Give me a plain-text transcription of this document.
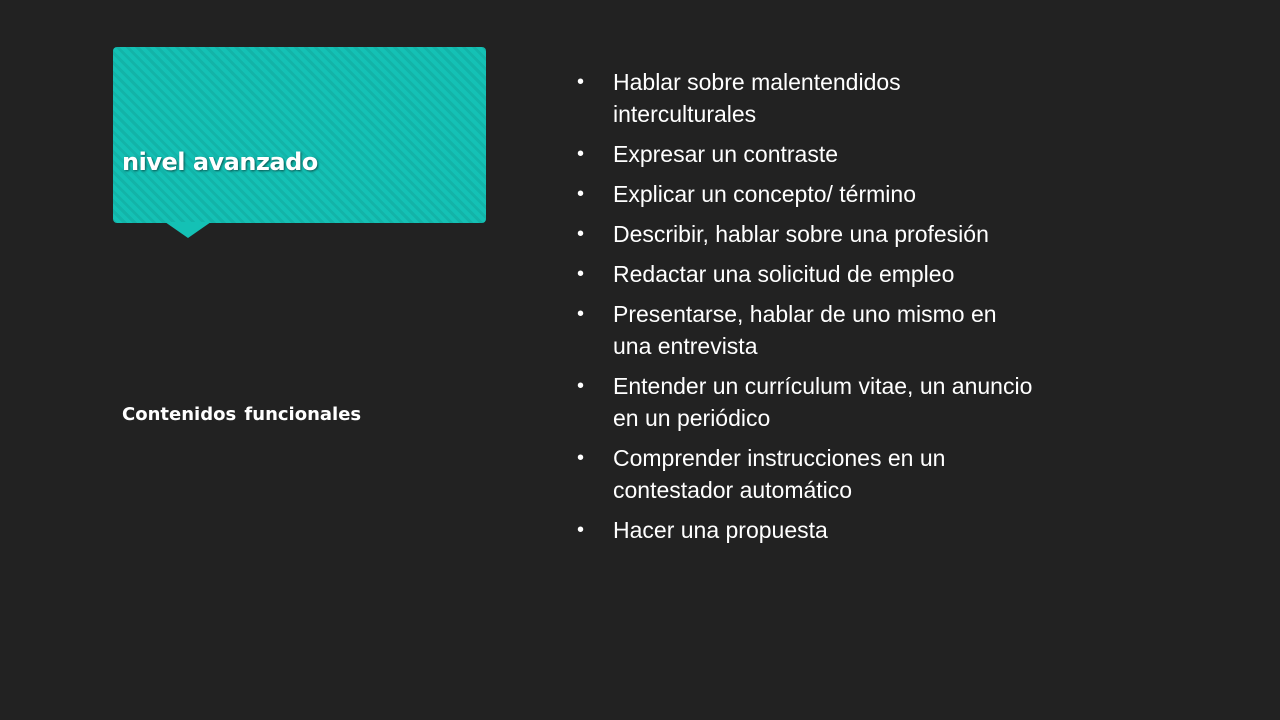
nivel avanzado
Contenidos funcionales
• Hablar sobre malentendidos interculturales
• Expresar un contraste
• Explicar un concepto/ término
• Describir, hablar sobre una profesión
• Redactar una solicitud de empleo
• Presentarse, hablar de uno mismo en una entrevista
• Entender un currículum vitae, un anuncio en un periódico
• Comprender instrucciones en un contestador automático
• Hacer una propuesta
